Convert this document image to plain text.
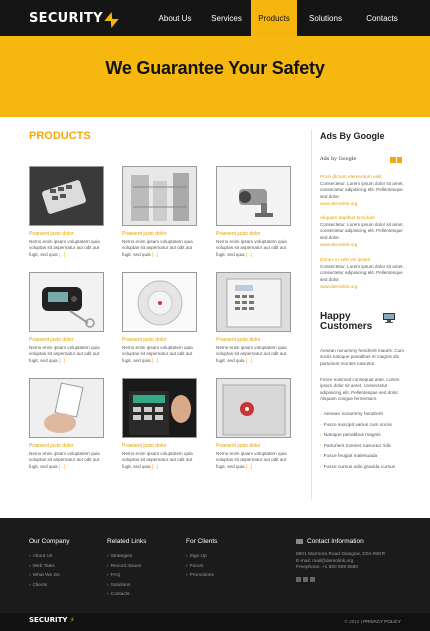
SECURITY	About Us	Services	Products	Solutions	Contacts
We Guarantee Your Safety
PRODUCTS
Praesent justo dolor
Nemo enim ipsam voluptatem quia voluptas sit aspernatur aut odit aut fugit, sed quia [...]
Praesent justo dolor
Nemo enim ipsam voluptatem quia voluptas sit aspernatur aut odit aut fugit, sed quia [...]
Praesent justo dolor
Nemo enim ipsam voluptatem quia voluptas sit aspernatur aut odit aut fugit, sed quia [...]
Praesent justo dolor
Nemo enim ipsam voluptatem quia voluptas sit aspernatur aut odit aut fugit, sed quia [...]
Praesent justo dolor
Nemo enim ipsam voluptatem quia voluptas sit aspernatur aut odit aut fugit, sed quia [...]
Praesent justo dolor
Nemo enim ipsam voluptatem quia voluptas sit aspernatur aut odit aut fugit, sed quia [...]
Praesent justo dolor
Nemo enim ipsam voluptatem quia voluptas sit aspernatur aut odit aut fugit, sed quia [...]
Praesent justo dolor
Nemo enim ipsam voluptatem quia voluptas sit aspernatur aut odit aut fugit, sed quia [...]
Praesent justo dolor
Nemo enim ipsam voluptatem quia voluptas sit aspernatur aut odit aut fugit, sed quia [...]
Ads By Google
Ads by Google
Proin dictum elementum velit
Consectetur. Lorem ipsum dolor sit amet, consectetur adipisicing elit. Pellentesque sed dolor.
www.demolink.org
Aliquam dapibus tincidunt
Consectetur. Lorem ipsum dolor sit amet, consectetur adipisicing elit. Pellentesque sed dolor.
www.demolink.org
Donec in velit vel ipsum
Consectetur. Lorem ipsum dolor sit amet, consectetur adipisicing elit. Pellentesque sed dolor.
www.demolink.org
Happy
Customers
Aenean nonummy hendrerit mauris. Cum sociis natoque penatibus et magnis dis parturient montes nascetur.
Fusce euismod consequat ante. Lorem ipsum dolor sit amet, consectetur adipisicing elit. Pellentesque sed dolor. Aliquam congue fermentum.
› Aenean nonummy hendrerit
› Fusce suscipit varius cum sociis
› Natoque penatibus magnis
› Parturient montes nascetur ridic
› Fusce feugiat malesuada
› Fusce cursus odio gravida cursus
Our Company
› About Us
› Web Tales
› What We Do
› Clients
Related Links
› Strategies
› Record Issues
› FAQ
› Solutions
› Contacts
For Clients
› Sign Up
› Forum
› Promotions
Contact Information
8901 Marmora Road Glasgow, D04 89GR
E-mail: mail@demolink.org
Freephone: +1 800 559 6580
SECURITY ⚡	© 2012 | PRIVACY POLICY
